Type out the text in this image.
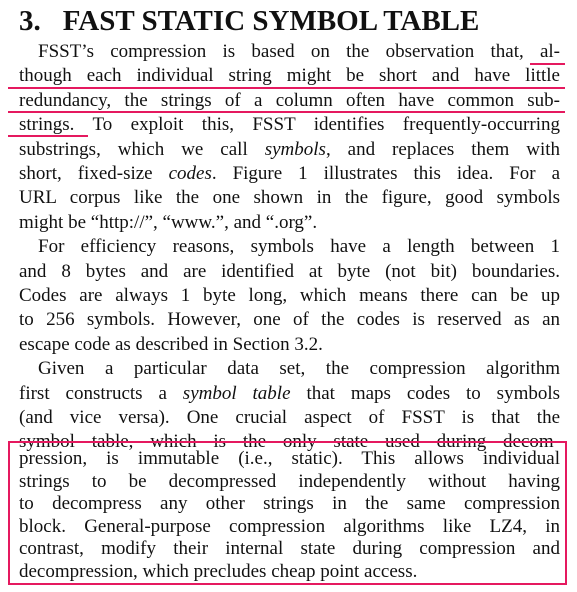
3. FAST STATIC SYMBOL TABLE
FSST’s compression is based on the observation that, al-
though each individual string might be short and have little
redundancy, the strings of a column often have common sub-
strings. To exploit this, FSST identifies frequently-occurring
substrings, which we call symbols, and replaces them with
short, fixed-size codes. Figure 1 illustrates this idea. For a
URL corpus like the one shown in the figure, good symbols
might be “http://”, “www.”, and “.org”.
For efficiency reasons, symbols have a length between 1
and 8 bytes and are identified at byte (not bit) boundaries.
Codes are always 1 byte long, which means there can be up
to 256 symbols. However, one of the codes is reserved as an
escape code as described in Section 3.2.
Given a particular data set, the compression algorithm
first constructs a symbol table that maps codes to symbols
(and vice versa). One crucial aspect of FSST is that the
symbol table, which is the only state used during decom-
pression, is immutable (i.e., static). This allows individual
strings to be decompressed independently without having
to decompress any other strings in the same compression
block. General-purpose compression algorithms like LZ4, in
contrast, modify their internal state during compression and
decompression, which precludes cheap point access.
